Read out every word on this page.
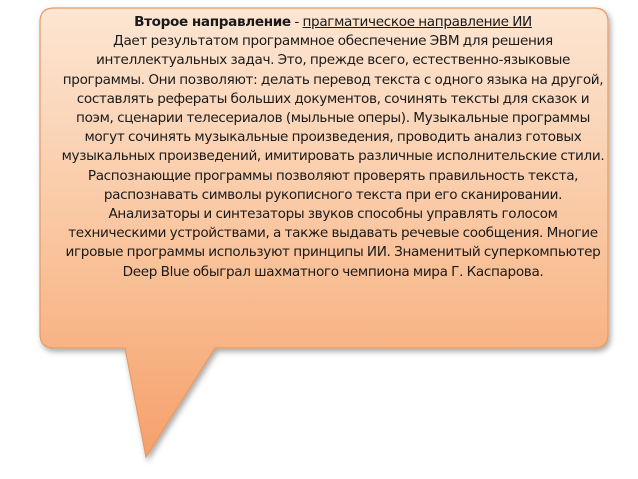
Второе направление - прагматическое направление ИИ
Дает результатом программное обеспечение ЭВМ для решения интеллектуальных задач. Это, прежде всего, естественно-языковые программы. Они позволяют: делать перевод текста с одного языка на другой, составлять рефераты больших документов, сочинять тексты для сказок и поэм, сценарии телесериалов (мыльные оперы). Музыкальные программы могут сочинять музыкальные произведения, проводить анализ готовых музыкальных произведений, имитировать различные исполнительские стили. Распознающие программы позволяют проверять правильность текста, распознавать символы рукописного текста при его сканировании. Анализаторы и синтезаторы звуков способны управлять голосом техническими устройствами, а также выдавать речевые сообщения. Многие игровые программы используют принципы ИИ. Знаменитый суперкомпьютер Deep Blue обыграл шахматного чемпиона мира Г. Каспарова.
